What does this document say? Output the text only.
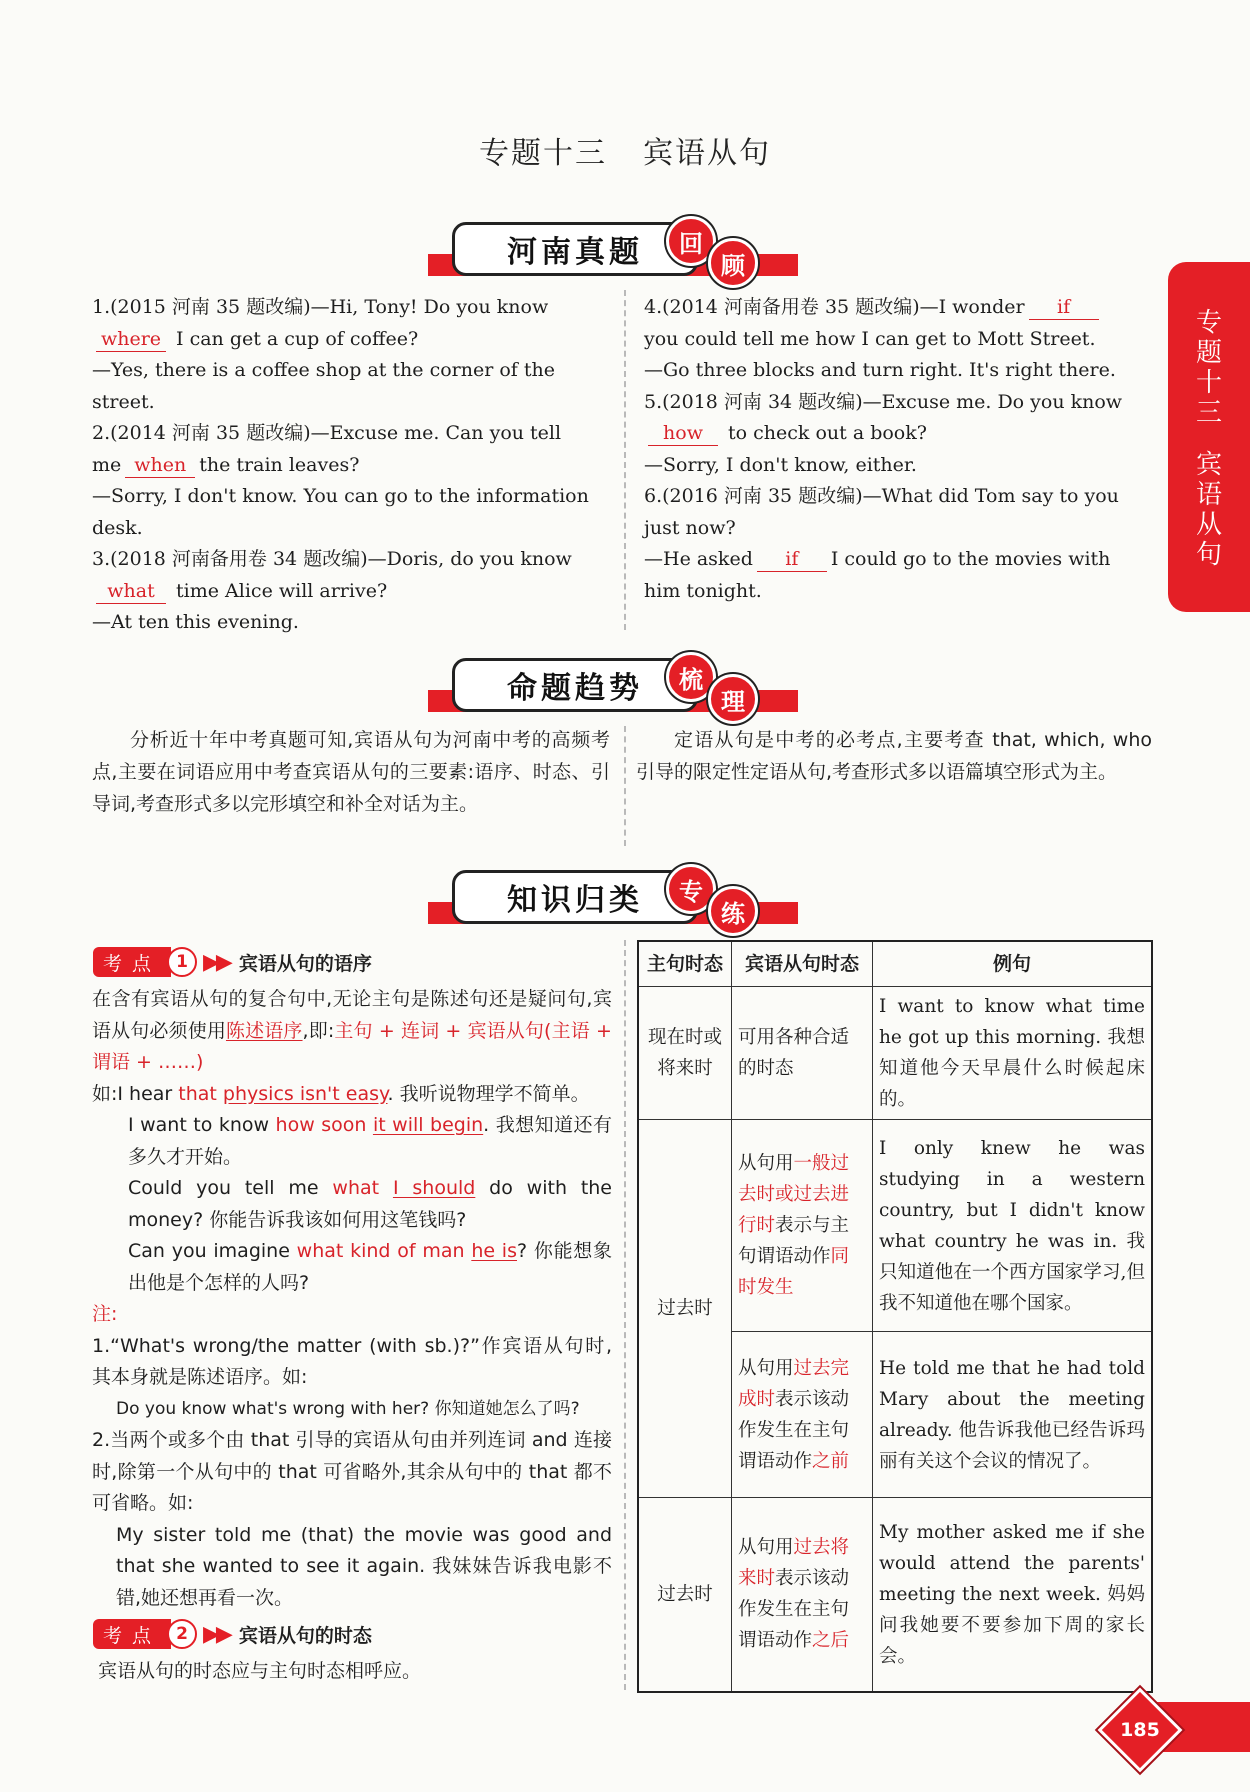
专题十三 宾语从句
专
题
十
三
宾
语
从
句
河南真题	回
顾

1.(2015 河南 35 题改编)—Hi, Tony! Do you know
where I can get a cup of coffee?

—Yes, there is a coffee shop at the corner of the street.

2.(2014 河南 35 题改编)—Excuse me. Can you tell
me when the train leaves?

—Sorry, I don't know. You can go to the information desk.

3.(2018 河南备用卷 34 题改编)—Doris, do you know
what time Alice will arrive?

—At ten this evening.

4.(2014 河南备用卷 35 题改编)—I wonder if
you could tell me how I can get to Mott Street.

—Go three blocks and turn right. It's right there.

5.(2018 河南 34 题改编)—Excuse me. Do you know
how to check out a book?

—Sorry, I don't know, either.

6.(2016 河南 35 题改编)—What did Tom say to you just now?

—He asked if I could go to the movies with him tonight.

命题趋势	梳
理
分析近十年中考真题可知,宾语从句为河南中考的高频考点,主要在词语应用中考查宾语从句的三要素:语序、时态、引导词,考查形式多以完形填空和补全对话为主。
定语从句是中考的必考点,主要考查 that, which, who 引导的限定性定语从句,考查形式多以语篇填空形式为主。
知识归类	专
练
考点 1 ▶▶ 宾语从句的语序

在含有宾语从句的复合句中,无论主句是陈述句还是疑问句,宾语从句必须使用陈述语序,即:主句 + 连词 + 宾语从句(主语 + 谓语 + ……)

如:I hear that physics isn't easy. 我听说物理学不简单。

I want to know how soon it will begin. 我想知道还有多久才开始。

Could you tell me what I should do with the money? 你能告诉我该如何用这笔钱吗?

Can you imagine what kind of man he is? 你能想象出他是个怎样的人吗?

注:

1.“What's wrong/the matter (with sb.)?”作宾语从句时,其本身就是陈述语序。如:

Do you know what's wrong with her? 你知道她怎么了吗?

2.当两个或多个由 that 引导的宾语从句由并列连词 and 连接时,除第一个从句中的 that 可省略外,其余从句中的 that 都不可省略。如:

My sister told me (that) the movie was good and that she wanted to see it again. 我妹妹告诉我电影不错,她还想再看一次。

考点 2 ▶▶ 宾语从句的时态
宾语从句的时态应与主句时态相呼应。
主句时态	宾语从句时态	例句
现在时或将来时	可用各种合适的时态	I want to know what time he got up this morning. 我想知道他今天早晨什么时候起床的。
过去时	从句用一般过去时或过去进行时表示与主句谓语动作同时发生	I only knew he was studying in a western country, but I didn't know what country he was in. 我只知道他在一个西方国家学习,但我不知道他在哪个国家。
	从句用过去完成时表示该动作发生在主句谓语动作之前	He told me that he had told Mary about the meeting already. 他告诉我他已经告诉玛丽有关这个会议的情况了。
过去时	从句用过去将来时表示该动作发生在主句谓语动作之后	My mother asked me if she would attend the parents' meeting the next week. 妈妈问我她要不要参加下周的家长会。
185
